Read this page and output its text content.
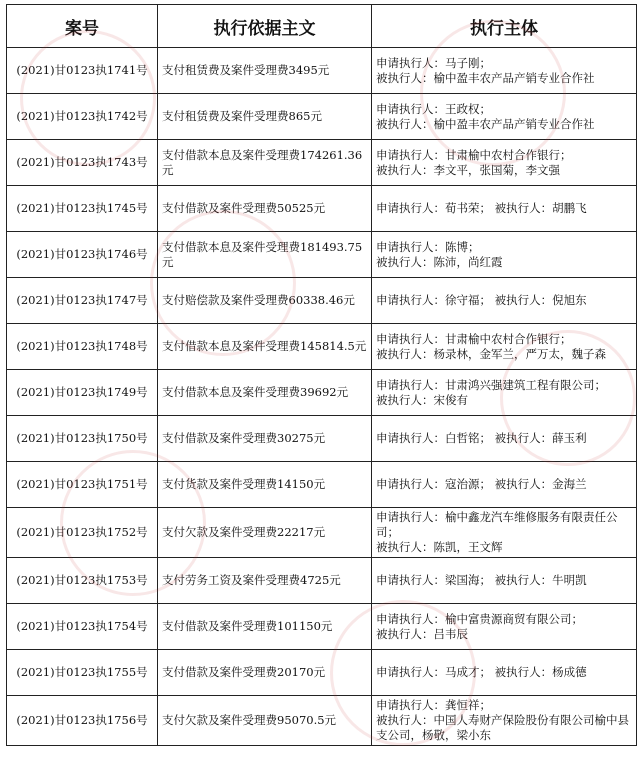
案号	执行依据主文	执行主体
(2021)甘0123执1741号	支付租赁费及案件受理费3495元	申请执行人：马子刚；
被执行人：榆中盈丰农产品产销专业合作社

(2021)甘0123执1742号	支付租赁费及案件受理费865元	申请执行人：王政权；
被执行人：榆中盈丰农产品产销专业合作社

(2021)甘0123执1743号	支付借款本息及案件受理费174261.36元	申请执行人：甘肃榆中农村合作银行；
被执行人：李文平，张国菊，李文强

(2021)甘0123执1745号	支付借款及案件受理费50525元	申请执行人：荀书荣； 被执行人：胡鹏飞

(2021)甘0123执1746号	支付借款本息及案件受理费181493.75元	申请执行人：陈博；
被执行人：陈沛，尚红霞

(2021)甘0123执1747号	支付赔偿款及案件受理费60338.46元	申请执行人：徐守福； 被执行人：倪旭东

(2021)甘0123执1748号	支付借款本息及案件受理费145814.5元	申请执行人：甘肃榆中农村合作银行；
被执行人：杨录林，金军兰，严万太，魏子森

(2021)甘0123执1749号	支付借款本息及案件受理费39692元	申请执行人：甘肃鸿兴强建筑工程有限公司；
被执行人：宋俊有

(2021)甘0123执1750号	支付借款及案件受理费30275元	申请执行人：白哲铭； 被执行人：薛玉利

(2021)甘0123执1751号	支付货款及案件受理费14150元	申请执行人：寇治源； 被执行人：金海兰

(2021)甘0123执1752号	支付欠款及案件受理费22217元	申请执行人：榆中鑫龙汽车维修服务有限责任公司；
被执行人：陈凯，王文辉

(2021)甘0123执1753号	支付劳务工资及案件受理费4725元	申请执行人：梁国海； 被执行人：牛明凯

(2021)甘0123执1754号	支付借款及案件受理费101150元	申请执行人：榆中富贵源商贸有限公司；
被执行人：吕韦辰

(2021)甘0123执1755号	支付借款及案件受理费20170元	申请执行人：马成才； 被执行人：杨成德

(2021)甘0123执1756号	支付欠款及案件受理费95070.5元	申请执行人：龚恒祥；
被执行人：中国人寿财产保险股份有限公司榆中县支公司，杨敬，梁小东
